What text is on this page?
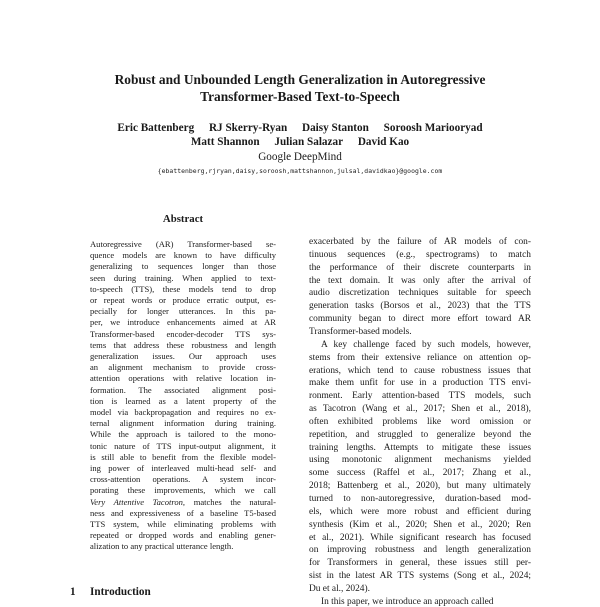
Robust and Unbounded Length Generalization in Autoregressive
Transformer-Based Text-to-Speech
Eric Battenberg RJ Skerry-Ryan Daisy Stanton Soroosh Mariooryad
Matt Shannon Julian Salazar David Kao
Google DeepMind
{ebattenberg,rjryan,daisy,soroosh,mattshannon,julsal,davidkao}@google.com
Abstract
Autoregressive (AR) Transformer-based se-
quence models are known to have difficulty
generalizing to sequences longer than those
seen during training. When applied to text-
to-speech (TTS), these models tend to drop
or repeat words or produce erratic output, es-
pecially for longer utterances. In this pa-
per, we introduce enhancements aimed at AR
Transformer-based encoder-decoder TTS sys-
tems that address these robustness and length
generalization issues. Our approach uses
an alignment mechanism to provide cross-
attention operations with relative location in-
formation. The associated alignment posi-
tion is learned as a latent property of the
model via backpropagation and requires no ex-
ternal alignment information during training.
While the approach is tailored to the mono-
tonic nature of TTS input-output alignment, it
is still able to benefit from the flexible model-
ing power of interleaved multi-head self- and
cross-attention operations. A system incor-
porating these improvements, which we call
Very Attentive Tacotron, matches the natural-
ness and expressiveness of a baseline T5-based
TTS system, while eliminating problems with
repeated or dropped words and enabling gener-
alization to any practical utterance length.
exacerbated by the failure of AR models of con-
tinuous sequences (e.g., spectrograms) to match
the performance of their discrete counterparts in
the text domain. It was only after the arrival of
audio discretization techniques suitable for speech
generation tasks (Borsos et al., 2023) that the TTS
community began to direct more effort toward AR
Transformer-based models.
A key challenge faced by such models, however,
stems from their extensive reliance on attention op-
erations, which tend to cause robustness issues that
make them unfit for use in a production TTS envi-
ronment. Early attention-based TTS models, such
as Tacotron (Wang et al., 2017; Shen et al., 2018),
often exhibited problems like word omission or
repetition, and struggled to generalize beyond the
training lengths. Attempts to mitigate these issues
using monotonic alignment mechanisms yielded
some success (Raffel et al., 2017; Zhang et al.,
2018; Battenberg et al., 2020), but many ultimately
turned to non-autoregressive, duration-based mod-
els, which were more robust and efficient during
synthesis (Kim et al., 2020; Shen et al., 2020; Ren
et al., 2021). While significant research has focused
on improving robustness and length generalization
for Transformers in general, these issues still per-
sist in the latest AR TTS systems (Song et al., 2024;
Du et al., 2024).
In this paper, we introduce an approach called
1 Introduction
